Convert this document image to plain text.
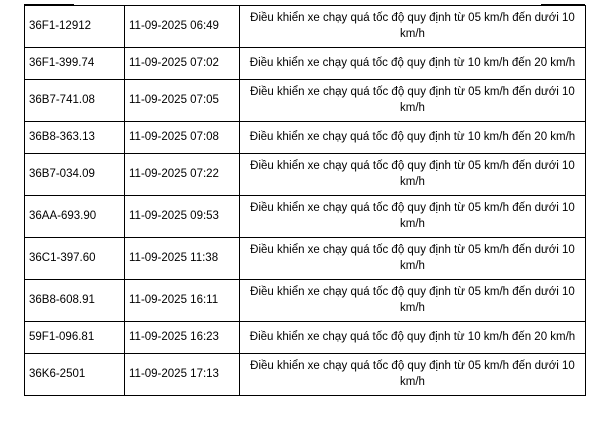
36F1-12912	11-09-2025 06:49	Điều khiển xe chạy quá tốc độ quy định từ 05 km/h đến dưới 10 km/h
36F1-399.74	11-09-2025 07:02	Điều khiển xe chạy quá tốc độ quy định từ 10 km/h đến 20 km/h
36B7-741.08	11-09-2025 07:05	Điều khiển xe chạy quá tốc độ quy định từ 05 km/h đến dưới 10 km/h
36B8-363.13	11-09-2025 07:08	Điều khiển xe chạy quá tốc độ quy định từ 10 km/h đến 20 km/h
36B7-034.09	11-09-2025 07:22	Điều khiển xe chạy quá tốc độ quy định từ 05 km/h đến dưới 10 km/h
36AA-693.90	11-09-2025 09:53	Điều khiển xe chạy quá tốc độ quy định từ 05 km/h đến dưới 10 km/h
36C1-397.60	11-09-2025 11:38	Điều khiển xe chạy quá tốc độ quy định từ 05 km/h đến dưới 10 km/h
36B8-608.91	11-09-2025 16:11	Điều khiển xe chạy quá tốc độ quy định từ 05 km/h đến dưới 10 km/h
59F1-096.81	11-09-2025 16:23	Điều khiển xe chạy quá tốc độ quy định từ 10 km/h đến 20 km/h
36K6-2501	11-09-2025 17:13	Điều khiển xe chạy quá tốc độ quy định từ 05 km/h đến dưới 10 km/h
